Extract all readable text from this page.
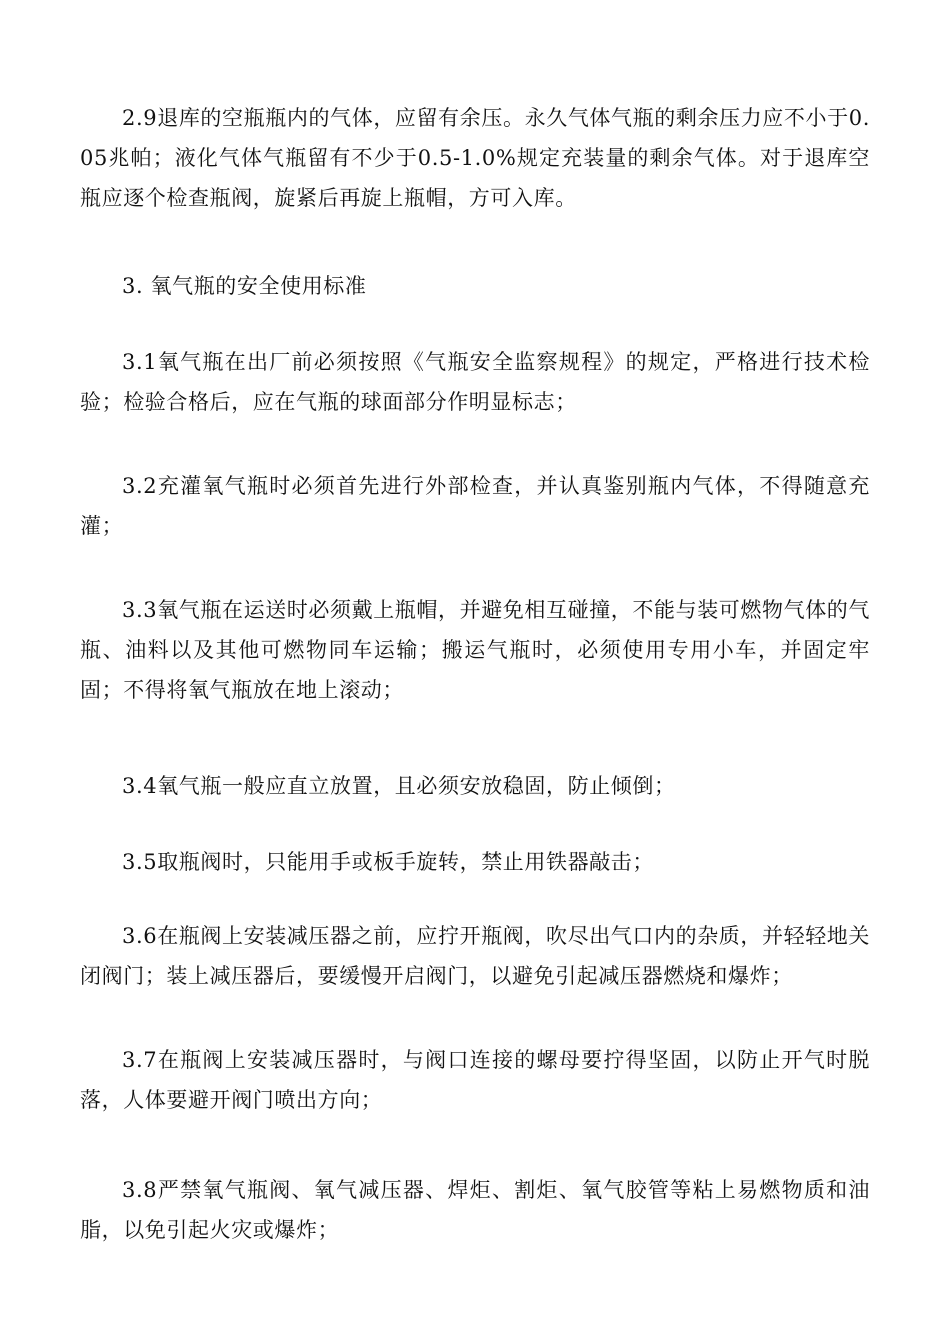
2.9退库的空瓶瓶内的气体，应留有余压。永久气体气瓶的剩余压力应不小于0.05兆帕；液化气体气瓶留有不少于0.5-1.0%规定充装量的剩余气体。对于退库空瓶应逐个检查瓶阀，旋紧后再旋上瓶帽，方可入库。

3. 氧气瓶的安全使用标准

3.1氧气瓶在出厂前必须按照《气瓶安全监察规程》的规定，严格进行技术检验；检验合格后，应在气瓶的球面部分作明显标志；

3.2充灌氧气瓶时必须首先进行外部检查，并认真鉴别瓶内气体，不得随意充灌；

3.3氧气瓶在运送时必须戴上瓶帽，并避免相互碰撞，不能与装可燃物气体的气瓶、油料以及其他可燃物同车运输；搬运气瓶时，必须使用专用小车，并固定牢固；不得将氧气瓶放在地上滚动；

3.4氧气瓶一般应直立放置，且必须安放稳固，防止倾倒；

3.5取瓶阀时，只能用手或板手旋转，禁止用铁器敲击；

3.6在瓶阀上安装减压器之前，应拧开瓶阀，吹尽出气口内的杂质，并轻轻地关闭阀门；装上减压器后，要缓慢开启阀门，以避免引起减压器燃烧和爆炸；

3.7在瓶阀上安装减压器时，与阀口连接的螺母要拧得坚固，以防止开气时脱落，人体要避开阀门喷出方向；

3.8严禁氧气瓶阀、氧气减压器、焊炬、割炬、氧气胶管等粘上易燃物质和油脂，以免引起火灾或爆炸；
